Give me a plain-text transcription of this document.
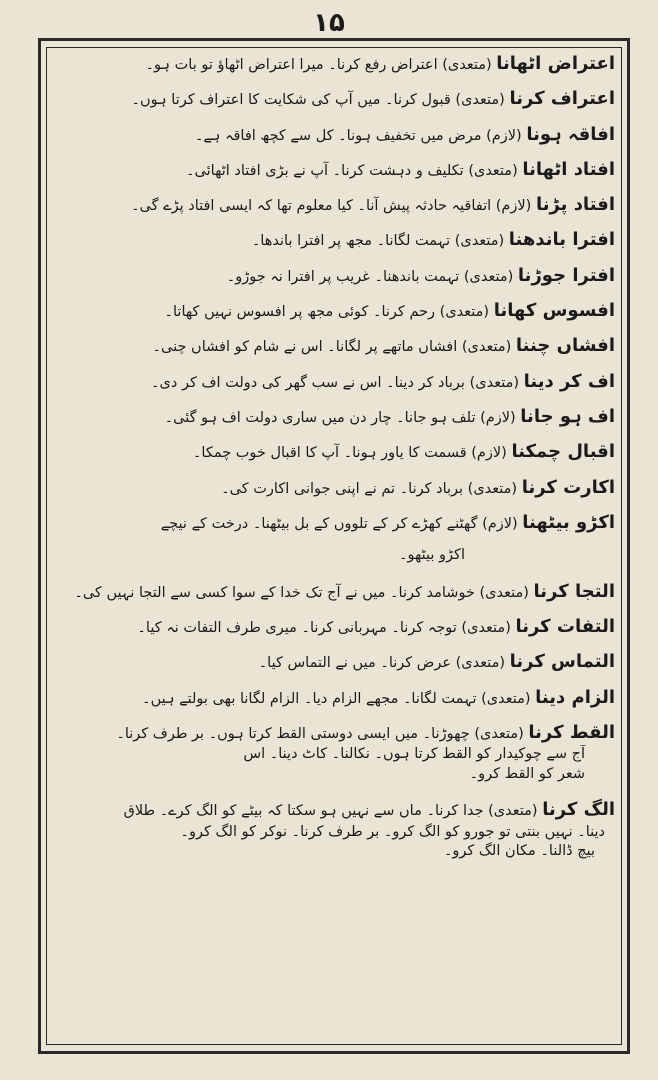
۱۵
اعتراض اٹھانا (متعدی) اعتراض رفع کرنا۔ میرا اعتراض اٹھاؤ تو بات ہو۔
اعتراف کرنا (متعدی) قبول کرنا۔ میں آپ کی شکایت کا اعتراف کرتا ہوں۔
افاقہ ہونا (لازم) مرض میں تخفیف ہونا۔ کل سے کچھ افاقہ ہے۔
افتاد اٹھانا (متعدی) تکلیف و دہشت کرنا۔ آپ نے بڑی افتاد اٹھائی۔
افتاد پڑنا (لازم) اتفاقیہ حادثہ پیش آنا۔ کیا معلوم تھا کہ ایسی افتاد پڑے گی۔
افترا باندھنا (متعدی) تہمت لگانا۔ مجھ پر افترا باندھا۔
افترا جوڑنا (متعدی) تہمت باندھنا۔ غریب پر افترا نہ جوڑو۔
افسوس کھانا (متعدی) رحم کرنا۔ کوئی مجھ پر افسوس نہیں کھاتا۔
افشاں چننا (متعدی) افشاں ماتھے پر لگانا۔ اس نے شام کو افشاں چنی۔
اف کر دینا (متعدی) برباد کر دینا۔ اس نے سب گھر کی دولت اف کر دی۔
اف ہو جانا (لازم) تلف ہو جانا۔ چار دن میں ساری دولت اف ہو گئی۔
اقبال چمکنا (لازم) قسمت کا یاور ہونا۔ آپ کا اقبال خوب چمکا۔
اکارت کرنا (متعدی) برباد کرنا۔ تم نے اپنی جوانی اکارت کی۔
اکڑو بیٹھنا (لازم) گھٹنے کھڑے کر کے تلووں کے بل بیٹھنا۔ درخت کے نیچے
اکڑو بیٹھو۔
التجا کرنا (متعدی) خوشامد کرنا۔ میں نے آج تک خدا کے سوا کسی سے التجا نہیں کی۔
التفات کرنا (متعدی) توجہ کرنا۔ مہربانی کرنا۔ میری طرف التفات نہ کیا۔
التماس کرنا (متعدی) عرض کرنا۔ میں نے التماس کیا۔
الزام دینا (متعدی) تہمت لگانا۔ مجھے الزام دیا۔ الزام لگانا بھی بولتے ہیں۔
القط کرنا (متعدی) چھوڑنا۔ میں ایسی دوستی القط کرتا ہوں۔ بر طرف کرنا۔
آج سے چوکیدار کو القط کرتا ہوں۔ نکالنا۔ کاٹ دینا۔ اس
شعر کو القط کرو۔
الگ کرنا (متعدی) جدا کرنا۔ ماں سے نہیں ہو سکتا کہ بیٹے کو الگ کرے۔ طلاق
دینا۔ نہیں بنتی تو جورو کو الگ کرو۔ بر طرف کرنا۔ نوکر کو الگ کرو۔
بیچ ڈالنا۔ مکان الگ کرو۔
